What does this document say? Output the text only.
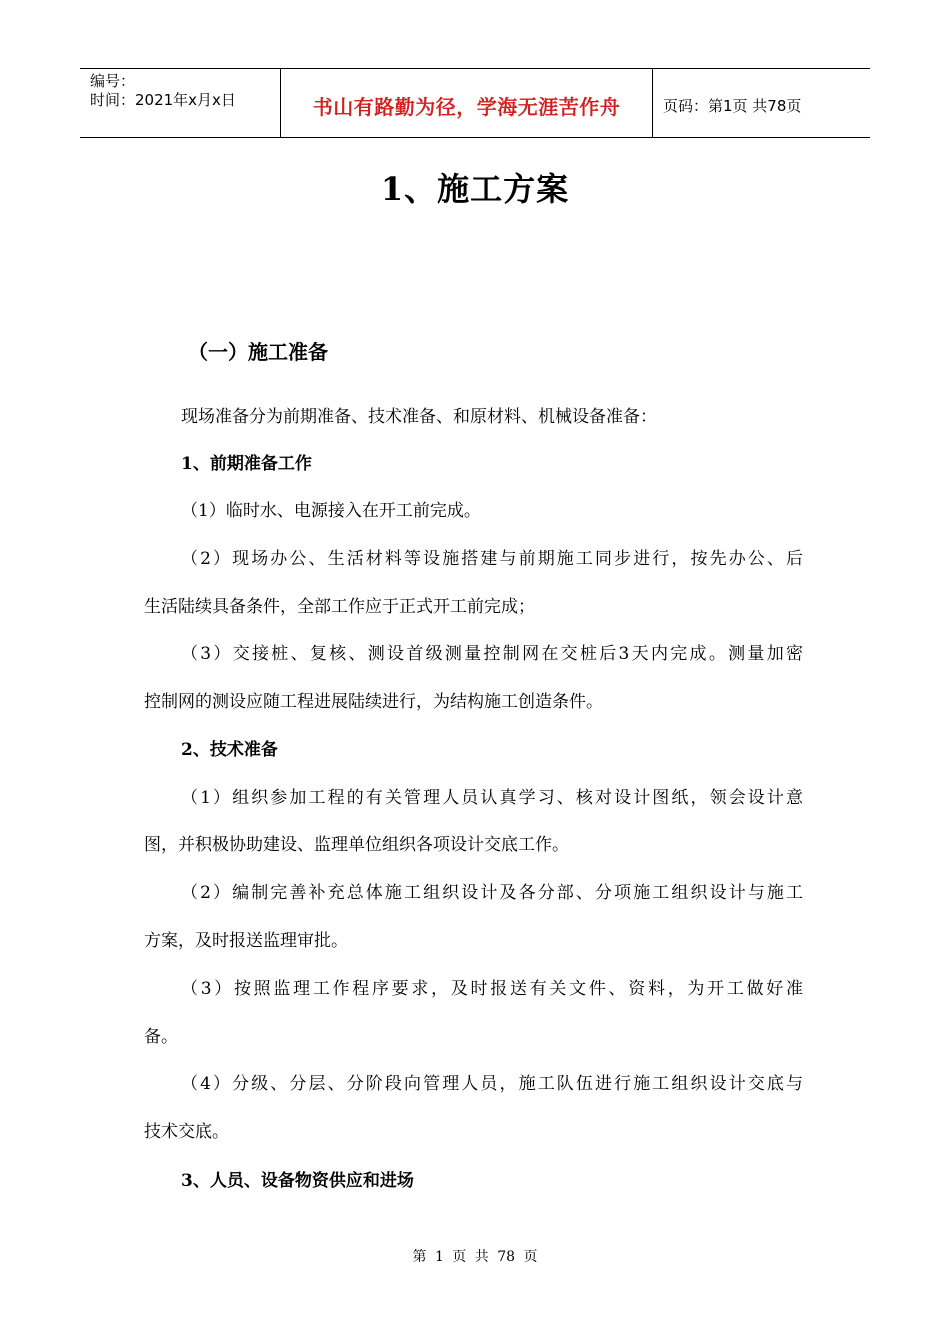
编号：
时间：2021年x月x日	书山有路勤为径，学海无涯苦作舟	页码：第1页 共78页
1、施工方案
（一）施工准备
现场准备分为前期准备、技术准备、和原材料、机械设备准备：
1、前期准备工作
（1）临时水、电源接入在开工前完成。
（2）现场办公、生活材料等设施搭建与前期施工同步进行，按先办公、后
生活陆续具备条件，全部工作应于正式开工前完成；
（3）交接桩、复核、测设首级测量控制网在交桩后3天内完成。测量加密
控制网的测设应随工程进展陆续进行，为结构施工创造条件。
2、技术准备
（1）组织参加工程的有关管理人员认真学习、核对设计图纸，领会设计意
图，并积极协助建设、监理单位组织各项设计交底工作。
（2）编制完善补充总体施工组织设计及各分部、分项施工组织设计与施工
方案，及时报送监理审批。
（3）按照监理工作程序要求，及时报送有关文件、资料，为开工做好准
备。
（4）分级、分层、分阶段向管理人员，施工队伍进行施工组织设计交底与
技术交底。
3、人员、设备物资供应和进场
第 1 页 共 78 页
